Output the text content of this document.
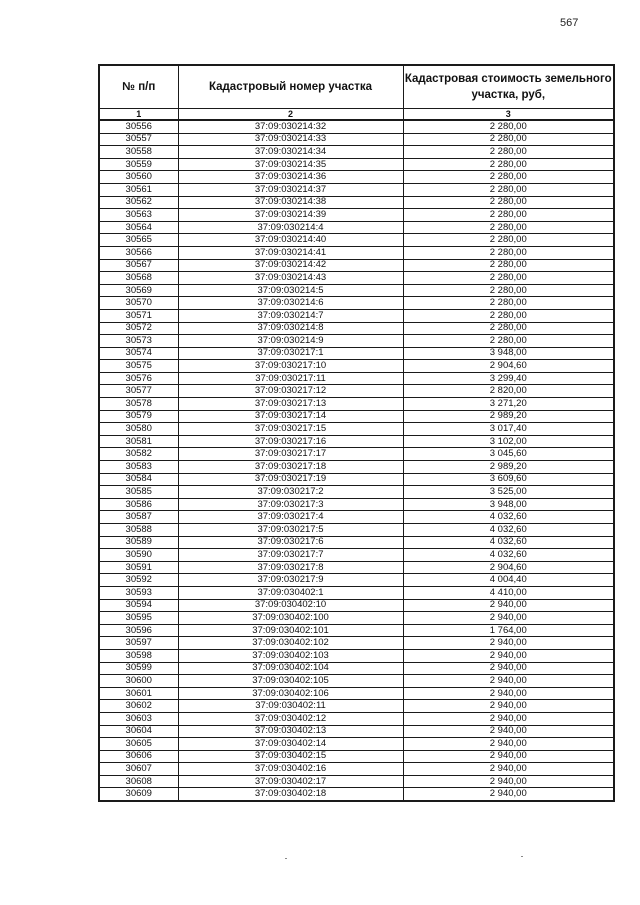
567
№ п/п	Кадастровый номер участка	Кадастровая стоимость земельного участка, руб,
1	2	3
30556	37:09:030214:32	2 280,00
30557	37:09:030214:33	2 280,00
30558	37:09:030214:34	2 280,00
30559	37:09:030214:35	2 280,00
30560	37:09:030214:36	2 280,00
30561	37:09:030214:37	2 280,00
30562	37:09:030214:38	2 280,00
30563	37:09:030214:39	2 280,00
30564	37:09:030214:4	2 280,00
30565	37:09:030214:40	2 280,00
30566	37:09:030214:41	2 280,00
30567	37:09:030214:42	2 280,00
30568	37:09:030214:43	2 280,00
30569	37:09:030214:5	2 280,00
30570	37:09:030214:6	2 280,00
30571	37:09:030214:7	2 280,00
30572	37:09:030214:8	2 280,00
30573	37:09:030214:9	2 280,00
30574	37:09:030217:1	3 948,00
30575	37:09:030217:10	2 904,60
30576	37:09:030217:11	3 299,40
30577	37:09:030217:12	2 820,00
30578	37:09:030217:13	3 271,20
30579	37:09:030217:14	2 989,20
30580	37:09:030217:15	3 017,40
30581	37:09:030217:16	3 102,00
30582	37:09:030217:17	3 045,60
30583	37:09:030217:18	2 989,20
30584	37:09:030217:19	3 609,60
30585	37:09:030217:2	3 525,00
30586	37:09:030217:3	3 948,00
30587	37:09:030217:4	4 032,60
30588	37:09:030217:5	4 032,60
30589	37:09:030217:6	4 032,60
30590	37:09:030217:7	4 032,60
30591	37:09:030217:8	2 904,60
30592	37:09:030217:9	4 004,40
30593	37:09:030402:1	4 410,00
30594	37:09:030402:10	2 940,00
30595	37:09:030402:100	2 940,00
30596	37:09:030402:101	1 764,00
30597	37:09:030402:102	2 940,00
30598	37:09:030402:103	2 940,00
30599	37:09:030402:104	2 940,00
30600	37:09:030402:105	2 940,00
30601	37:09:030402:106	2 940,00
30602	37:09:030402:11	2 940,00
30603	37:09:030402:12	2 940,00
30604	37:09:030402:13	2 940,00
30605	37:09:030402:14	2 940,00
30606	37:09:030402:15	2 940,00
30607	37:09:030402:16	2 940,00
30608	37:09:030402:17	2 940,00
30609	37:09:030402:18	2 940,00
